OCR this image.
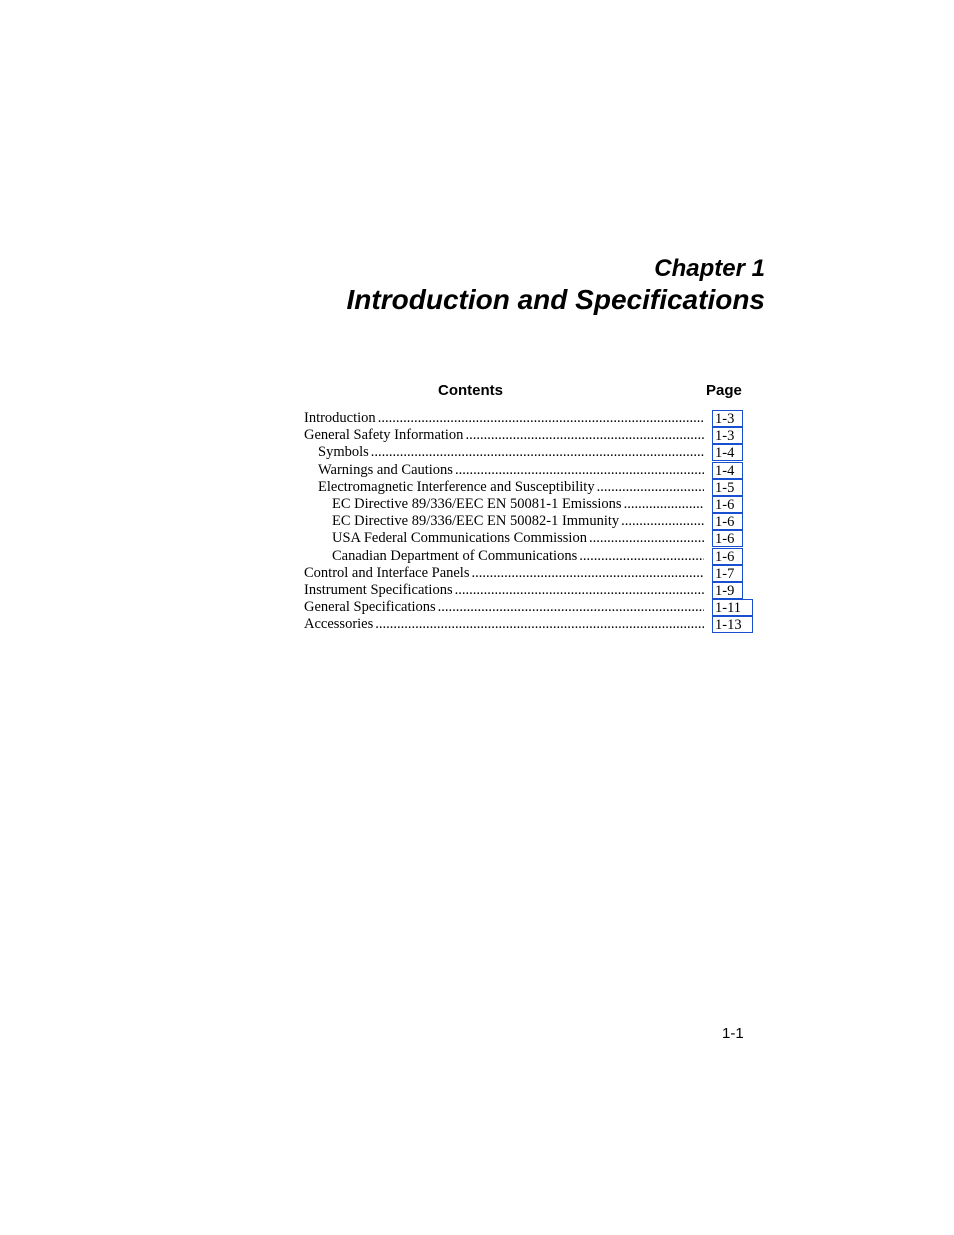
Chapter 1
Introduction and Specifications
Contents	Page
Introduction .....	1-3
General Safety Information .....	1-3
Symbols .....	1-4
Warnings and Cautions .....	1-4
Electromagnetic Interference and Susceptibility .....	1-5
EC Directive 89/336/EEC EN 50081-1 Emissions .....	1-6
EC Directive 89/336/EEC EN 50082-1 Immunity .....	1-6
USA Federal Communications Commission .....	1-6
Canadian Department of Communications .....	1-6
Control and Interface Panels .....	1-7
Instrument Specifications .....	1-9
General Specifications .....	1-11
Accessories .....	1-13
1-1
